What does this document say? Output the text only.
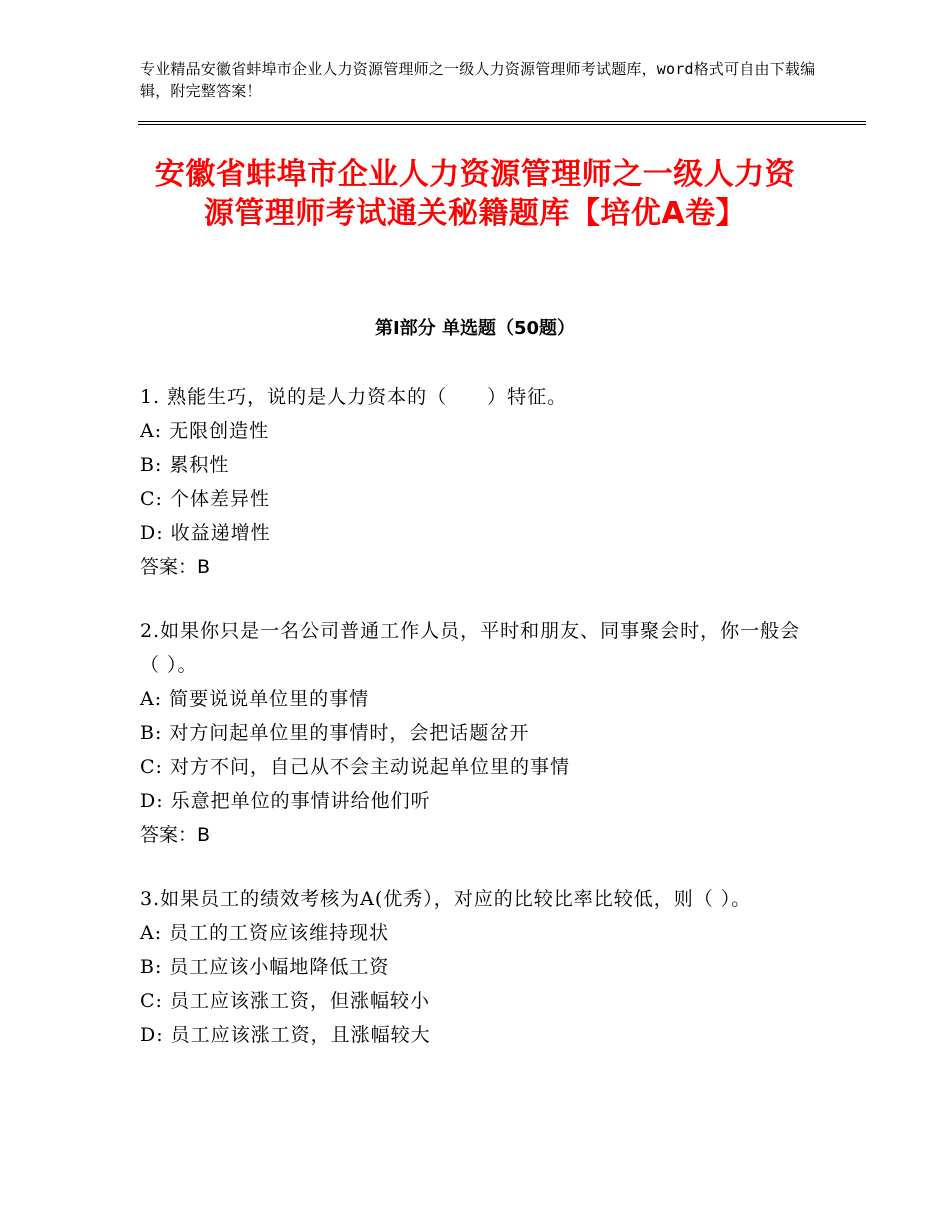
专业精品安徽省蚌埠市企业人力资源管理师之一级人力资源管理师考试题库，word格式可自由下载编辑，附完整答案！
安徽省蚌埠市企业人力资源管理师之一级人力资源管理师考试通关秘籍题库【培优A卷】
第Ⅰ部分 单选题（50题）

1. 熟能生巧，说的是人力资本的（　　）特征。

A: 无限创造性

B: 累积性

C: 个体差异性

D: 收益递增性

答案：B

2.如果你只是一名公司普通工作人员，平时和朋友、同事聚会时，你一般会（ ）。

A: 简要说说单位里的事情

B: 对方问起单位里的事情时，会把话题岔开

C: 对方不问，自己从不会主动说起单位里的事情

D: 乐意把单位的事情讲给他们听

答案：B

3.如果员工的绩效考核为A(优秀），对应的比较比率比较低，则（ ）。

A: 员工的工资应该维持现状

B: 员工应该小幅地降低工资

C: 员工应该涨工资，但涨幅较小

D: 员工应该涨工资，且涨幅较大
